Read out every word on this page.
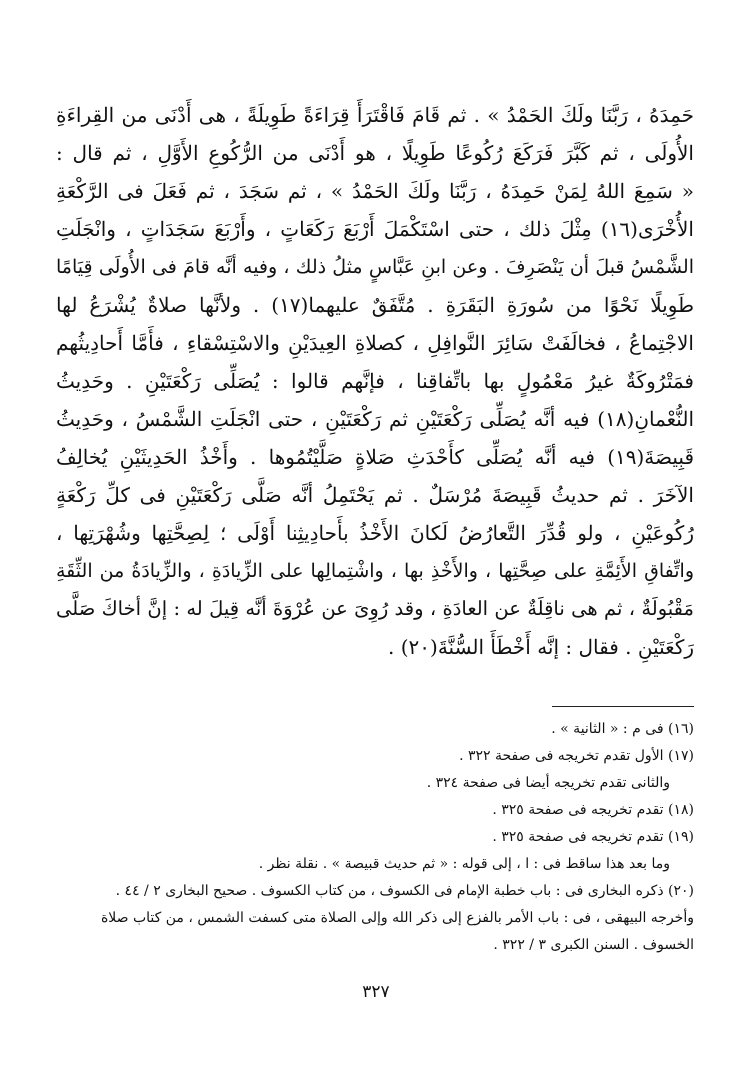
حَمِدَهُ ، رَبَّنَا ولَكَ الحَمْدُ » . ثم قَامَ فَاقْتَرَأَ قِرَاءَةً طَوِيلَةً ، هى أَدْنَى من القِراءَةِ
الأُولَى ، ثم كَبَّرَ فَرَكَعَ رُكُوعًا طَوِيلًا ، هو أَدْنَى من الرُّكُوعِ الأَوَّلِ ، ثم قال :
« سَمِعَ اللهُ لِمَنْ حَمِدَهُ ، رَبَّنَا ولَكَ الحَمْدُ » ، ثم سَجَدَ ، ثم فَعَلَ فى الرَّكْعَةِ
الأُخْرَى(١٦) مِثْلَ ذلك ، حتى اسْتَكْمَلَ أَرْبَعَ رَكَعَاتٍ ، وأَرْبَعَ سَجَدَاتٍ ، وانْجَلَتِ
الشَّمْسُ قبلَ أن يَنْصَرِفَ . وعن ابنِ عَبَّاسٍ مثلُ ذلك ، وفيه أنَّه قامَ فى الأُولَى قِيَامًا
طَوِيلًا نَحْوًا من سُورَةِ البَقَرَةِ . مُتَّفَقٌ عليهما(١٧) . ولأنَّها صلاةٌ يُشْرَعُ لها
الاجْتِماعُ ، فخالَفَتْ سَائِرَ النَّوافِلِ ، كصلاةِ العِيدَيْنِ والاسْتِسْقاءِ ، فأَمَّا أَحادِيثُهم
فمَتْرُوكَةٌ غيرُ مَعْمُولٍ بها باتِّفاقِنا ، فإنَّهم قالوا : يُصَلِّى رَكْعَتَيْنِ . وحَدِيثُ
النُّعْمانِ(١٨) فيه أنَّه يُصَلِّى رَكْعَتَيْنِ ثم رَكْعَتَيْنِ ، حتى انْجَلَتِ الشَّمْسُ ، وحَدِيثُ
قَبِيصَةَ(١٩) فيه أنَّه يُصَلِّى كأَحْدَثِ صَلاةٍ صَلَّيْتُمُوها . وأَخْذُ الحَدِيثَيْنِ يُخالِفُ
الآخَرَ . ثم حديثُ قَبِيصَةَ مُرْسَلٌ . ثم يَحْتَمِلُ أنَّه صَلَّى رَكْعَتَيْنِ فى كلِّ رَكْعَةٍ
رُكُوعَيْنِ ، ولو قُدِّرَ التَّعارُضُ لَكانَ الأَخْذُ بأَحادِيثِنا أَوْلَى ؛ لِصِحَّتِها وشُهْرَتِها ،
واتِّفاقِ الأَئِمَّةِ على صِحَّتِها ، والأَخْذِ بها ، واشْتِمالِها على الزِّيادَةِ ، والزِّيادَةُ من الثِّقَةِ
مَقْبُولَةٌ ، ثم هى ناقِلَةٌ عن العادَةِ ، وقد رُوِىَ عن عُرْوَةَ أنَّه قِيلَ له : إنَّ أخاكَ صَلَّى
رَكْعَتَيْنِ . فقال : إنَّه أَخْطَأَ السُّنَّةَ(٢٠) .
(١٦) فى م : « الثانية » .
(١٧) الأول تقدم تخريجه فى صفحة ٣٢٢ .
والثانى تقدم تخريجه أيضا فى صفحة ٣٢٤ .
(١٨) تقدم تخريجه فى صفحة ٣٢٥ .
(١٩) تقدم تخريجه فى صفحة ٣٢٥ .
وما بعد هذا ساقط فى : ا ، إلى قوله : « ثم حديث قبيصة » . نقلة نظر .
(٢٠) ذكره البخارى فى : باب خطبة الإمام فى الكسوف ، من كتاب الكسوف . صحيح البخارى ٢ / ٤٤ .
وأخرجه البيهقى ، فى : باب الأمر بالفزع إلى ذكر الله وإلى الصلاة متى كسفت الشمس ، من كتاب صلاة
الخسوف . السنن الكبرى ٣ / ٣٢٢ .
٣٢٧
